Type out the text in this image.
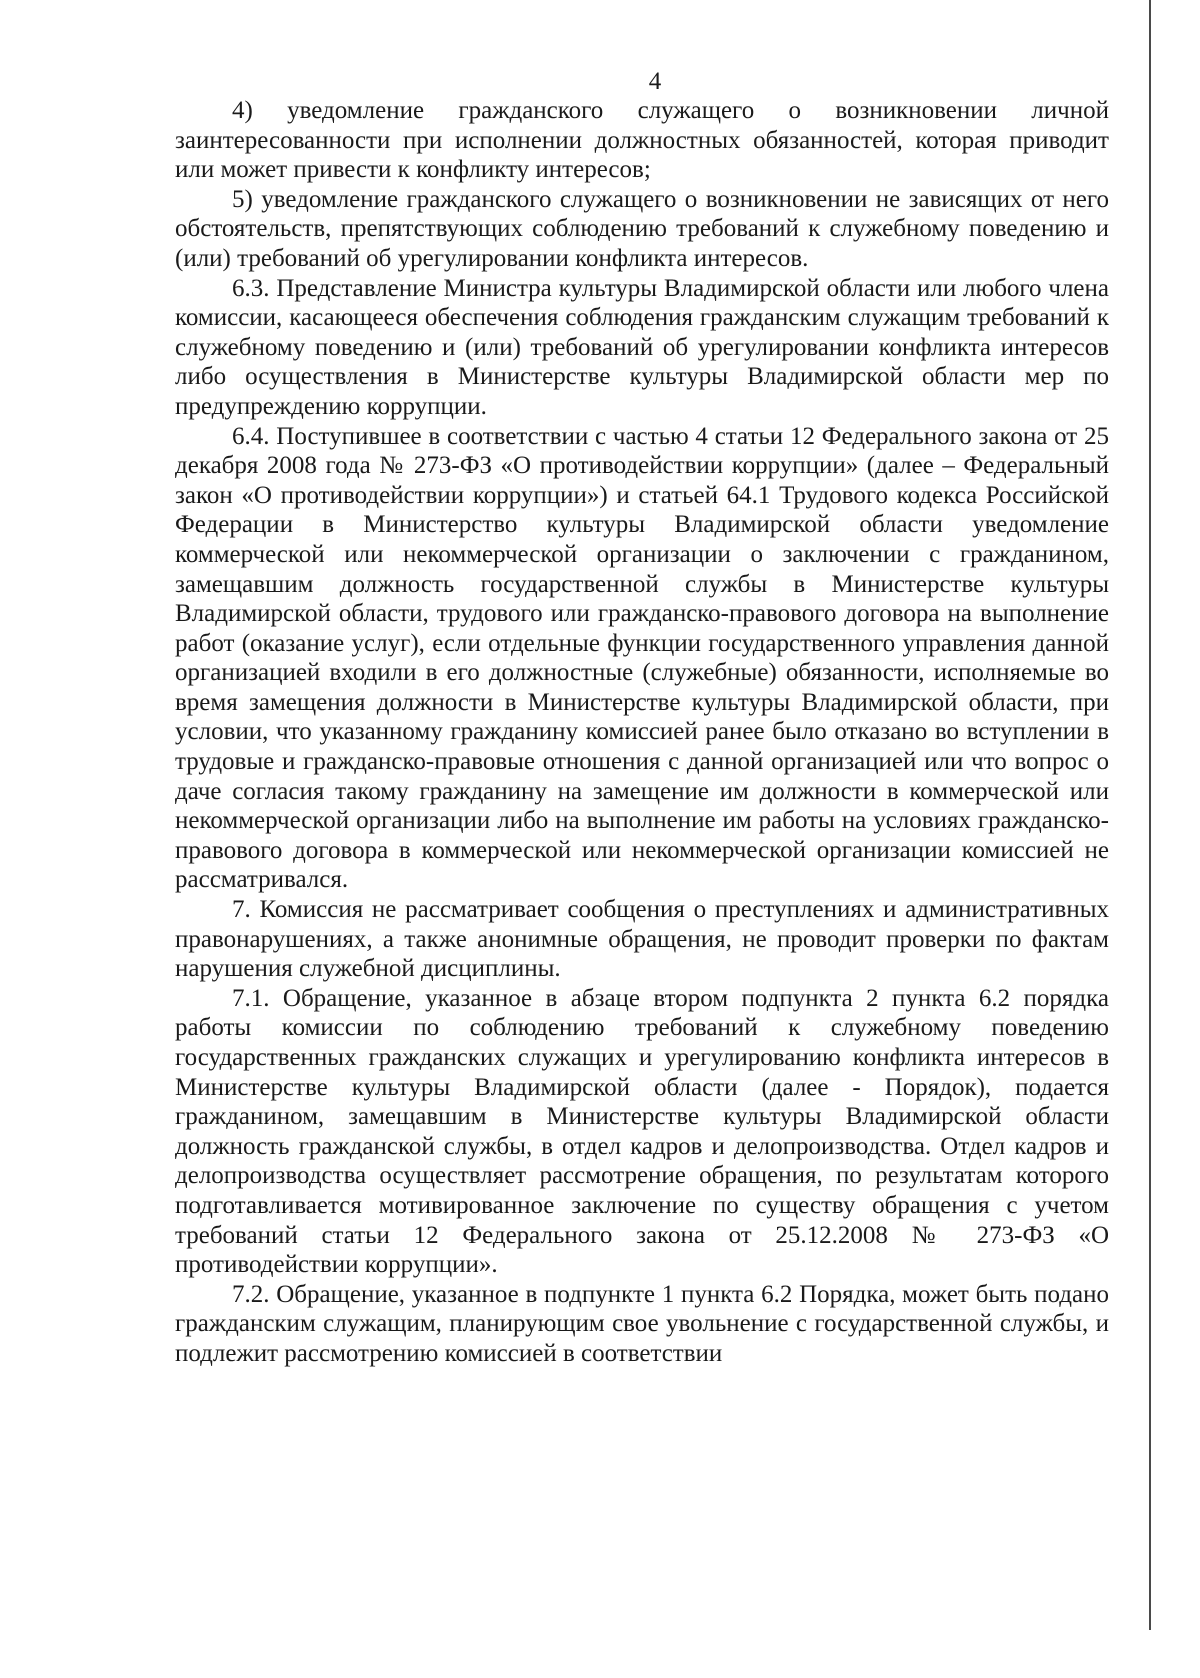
4

4) уведомление гражданского служащего о возникновении личной заинтересованности при исполнении должностных обязанностей, которая приводит или может привести к конфликту интересов;

5) уведомление гражданского служащего о возникновении не зависящих от него обстоятельств, препятствующих соблюдению требований к служебному поведению и (или) требований об урегулировании конфликта интересов.

6.3. Представление Министра культуры Владимирской области или любого члена комиссии, касающееся обеспечения соблюдения гражданским служащим требований к служебному поведению и (или) требований об урегулировании конфликта интересов либо осуществления в Министерстве культуры Владимирской области мер по предупреждению коррупции.

6.4. Поступившее в соответствии с частью 4 статьи 12 Федерального закона от 25 декабря 2008 года № 273-ФЗ «О противодействии коррупции» (далее – Федеральный закон «О противодействии коррупции») и статьей 64.1 Трудового кодекса Российской Федерации в Министерство культуры Владимирской области уведомление коммерческой или некоммерческой организации о заключении с гражданином, замещавшим должность государственной службы в Министерстве культуры Владимирской области, трудового или гражданско-правового договора на выполнение работ (оказание услуг), если отдельные функции государственного управления данной организацией входили в его должностные (служебные) обязанности, исполняемые во время замещения должности в Министерстве культуры Владимирской области, при условии, что указанному гражданину комиссией ранее было отказано во вступлении в трудовые и гражданско-правовые отношения с данной организацией или что вопрос о даче согласия такому гражданину на замещение им должности в коммерческой или некоммерческой организации либо на выполнение им работы на условиях гражданско-правового договора в коммерческой или некоммерческой организации комиссией не рассматривался.

7. Комиссия не рассматривает сообщения о преступлениях и административных правонарушениях, а также анонимные обращения, не проводит проверки по фактам нарушения служебной дисциплины.

7.1. Обращение, указанное в абзаце втором подпункта 2 пункта 6.2 порядка работы комиссии по соблюдению требований к служебному поведению государственных гражданских служащих и урегулированию конфликта интересов в Министерстве культуры Владимирской области (далее - Порядок), подается гражданином, замещавшим в Министерстве культуры Владимирской области должность гражданской службы, в отдел кадров и делопроизводства. Отдел кадров и делопроизводства осуществляет рассмотрение обращения, по результатам которого подготавливается мотивированное заключение по существу обращения с учетом требований статьи 12 Федерального закона от 25.12.2008 № 273-ФЗ «О противодействии коррупции».

7.2. Обращение, указанное в подпункте 1 пункта 6.2 Порядка, может быть подано гражданским служащим, планирующим свое увольнение с государственной службы, и подлежит рассмотрению комиссией в соответствии
